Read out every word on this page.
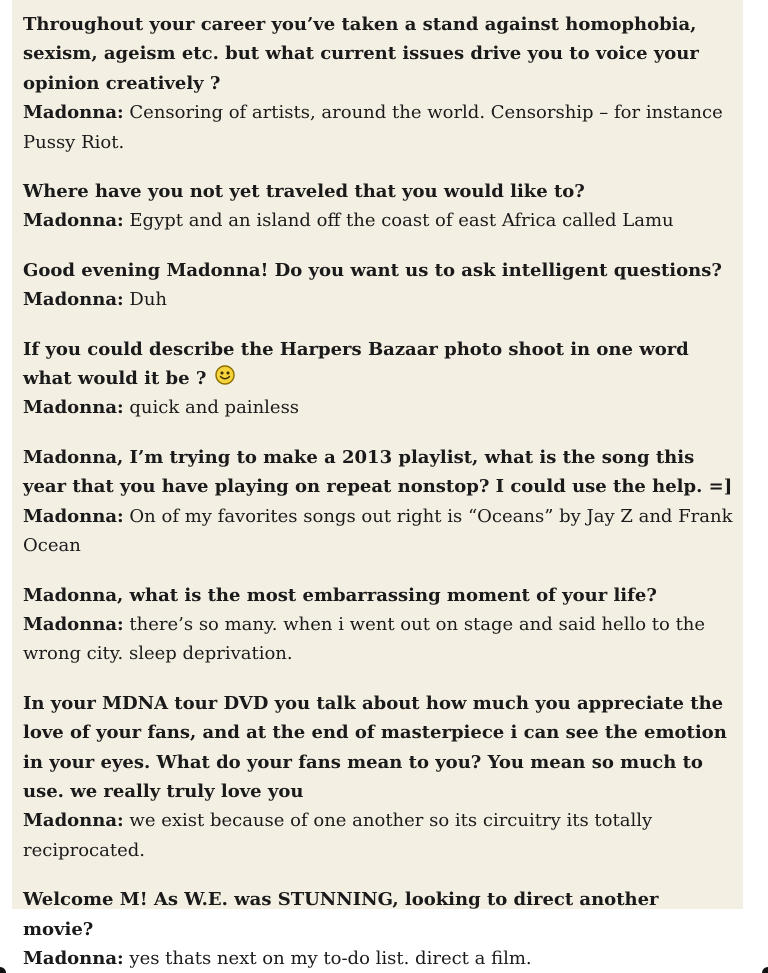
Throughout your career you’ve taken a stand against homophobia, sexism, ageism etc. but what current issues drive you to voice your opinion creatively ?

Madonna: Censoring of artists, around the world. Censorship – for instance Pussy Riot.

Where have you not yet traveled that you would like to?

Madonna: Egypt and an island off the coast of east Africa called Lamu

Good evening Madonna! Do you want us to ask intelligent questions?

Madonna: Duh

If you could describe the Harpers Bazaar photo shoot in one word what would it be ?

Madonna: quick and painless

Madonna, I’m trying to make a 2013 playlist, what is the song this year that you have playing on repeat nonstop? I could use the help. =]

Madonna: On of my favorites songs out right is “Oceans” by Jay Z and Frank Ocean

Madonna, what is the most embarrassing moment of your life?

Madonna: there’s so many. when i went out on stage and said hello to the wrong city. sleep deprivation.

In your MDNA tour DVD you talk about how much you appreciate the love of your fans, and at the end of masterpiece i can see the emotion in your eyes. What do your fans mean to you? You mean so much to use. we really truly love you

Madonna: we exist because of one another so its circuitry its totally reciprocated.

Welcome M! As W.E. was STUNNING, looking to direct another movie?

Madonna: yes thats next on my to-do list. direct a film.
